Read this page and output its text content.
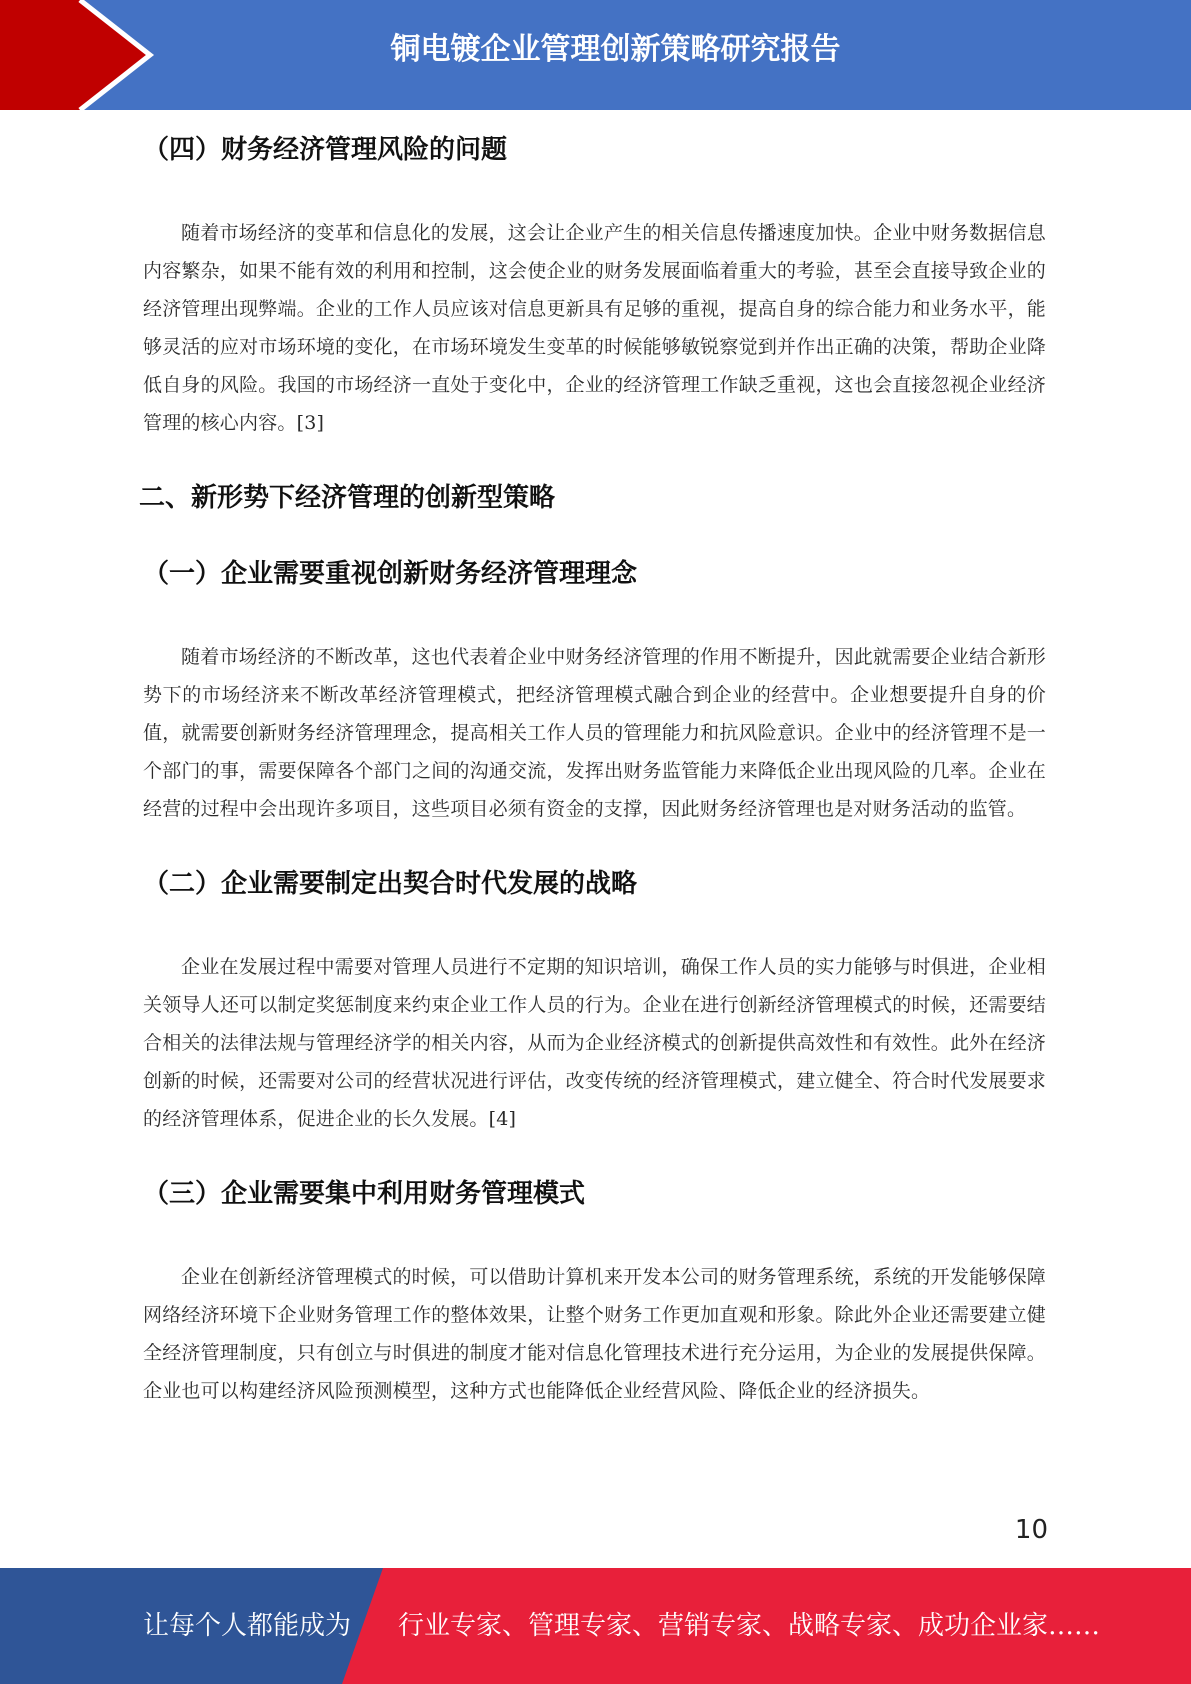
铜电镀企业管理创新策略研究报告
（四）财务经济管理风险的问题

随着市场经济的变革和信息化的发展，这会让企业产生的相关信息传播速度加快。企业中财务数据信息内容繁杂，如果不能有效的利用和控制，这会使企业的财务发展面临着重大的考验，甚至会直接导致企业的经济管理出现弊端。企业的工作人员应该对信息更新具有足够的重视，提高自身的综合能力和业务水平，能够灵活的应对市场环境的变化，在市场环境发生变革的时候能够敏锐察觉到并作出正确的决策，帮助企业降低自身的风险。我国的市场经济一直处于变化中，企业的经济管理工作缺乏重视，这也会直接忽视企业经济管理的核心内容。[3]

二、新形势下经济管理的创新型策略
（一）企业需要重视创新财务经济管理理念

随着市场经济的不断改革，这也代表着企业中财务经济管理的作用不断提升，因此就需要企业结合新形势下的市场经济来不断改革经济管理模式，把经济管理模式融合到企业的经营中。企业想要提升自身的价值，就需要创新财务经济管理理念，提高相关工作人员的管理能力和抗风险意识。企业中的经济管理不是一个部门的事，需要保障各个部门之间的沟通交流，发挥出财务监管能力来降低企业出现风险的几率。企业在经营的过程中会出现许多项目，这些项目必须有资金的支撑，因此财务经济管理也是对财务活动的监管。

（二）企业需要制定出契合时代发展的战略

企业在发展过程中需要对管理人员进行不定期的知识培训，确保工作人员的实力能够与时俱进，企业相关领导人还可以制定奖惩制度来约束企业工作人员的行为。企业在进行创新经济管理模式的时候，还需要结合相关的法律法规与管理经济学的相关内容，从而为企业经济模式的创新提供高效性和有效性。此外在经济创新的时候，还需要对公司的经营状况进行评估，改变传统的经济管理模式，建立健全、符合时代发展要求的经济管理体系，促进企业的长久发展。[4]

（三）企业需要集中利用财务管理模式

企业在创新经济管理模式的时候，可以借助计算机来开发本公司的财务管理系统，系统的开发能够保障网络经济环境下企业财务管理工作的整体效果，让整个财务工作更加直观和形象。除此外企业还需要建立健全经济管理制度，只有创立与时俱进的制度才能对信息化管理技术进行充分运用，为企业的发展提供保障。企业也可以构建经济风险预测模型，这种方式也能降低企业经营风险、降低企业的经济损失。

10
让每个人都能成为 行业专家、管理专家、营销专家、战略专家、成功企业家……
